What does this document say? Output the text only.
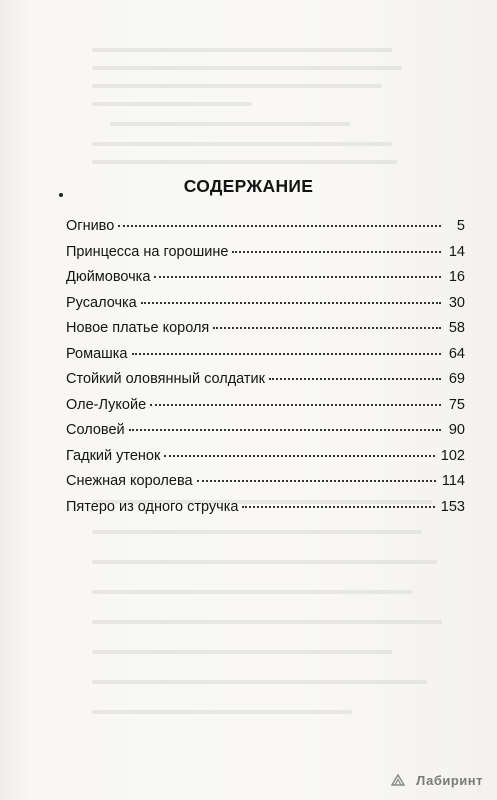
СОДЕРЖАНИЕ
Огниво	5
Принцесса на горошине	14
Дюймовочка	16
Русалочка	30
Новое платье короля	58
Ромашка	64
Стойкий оловянный солдатик	69
Оле-Лукойе	75
Соловей	90
Гадкий утенок	102
Снежная королева	114
Пятеро из одного стручка	153
Лабиринт
